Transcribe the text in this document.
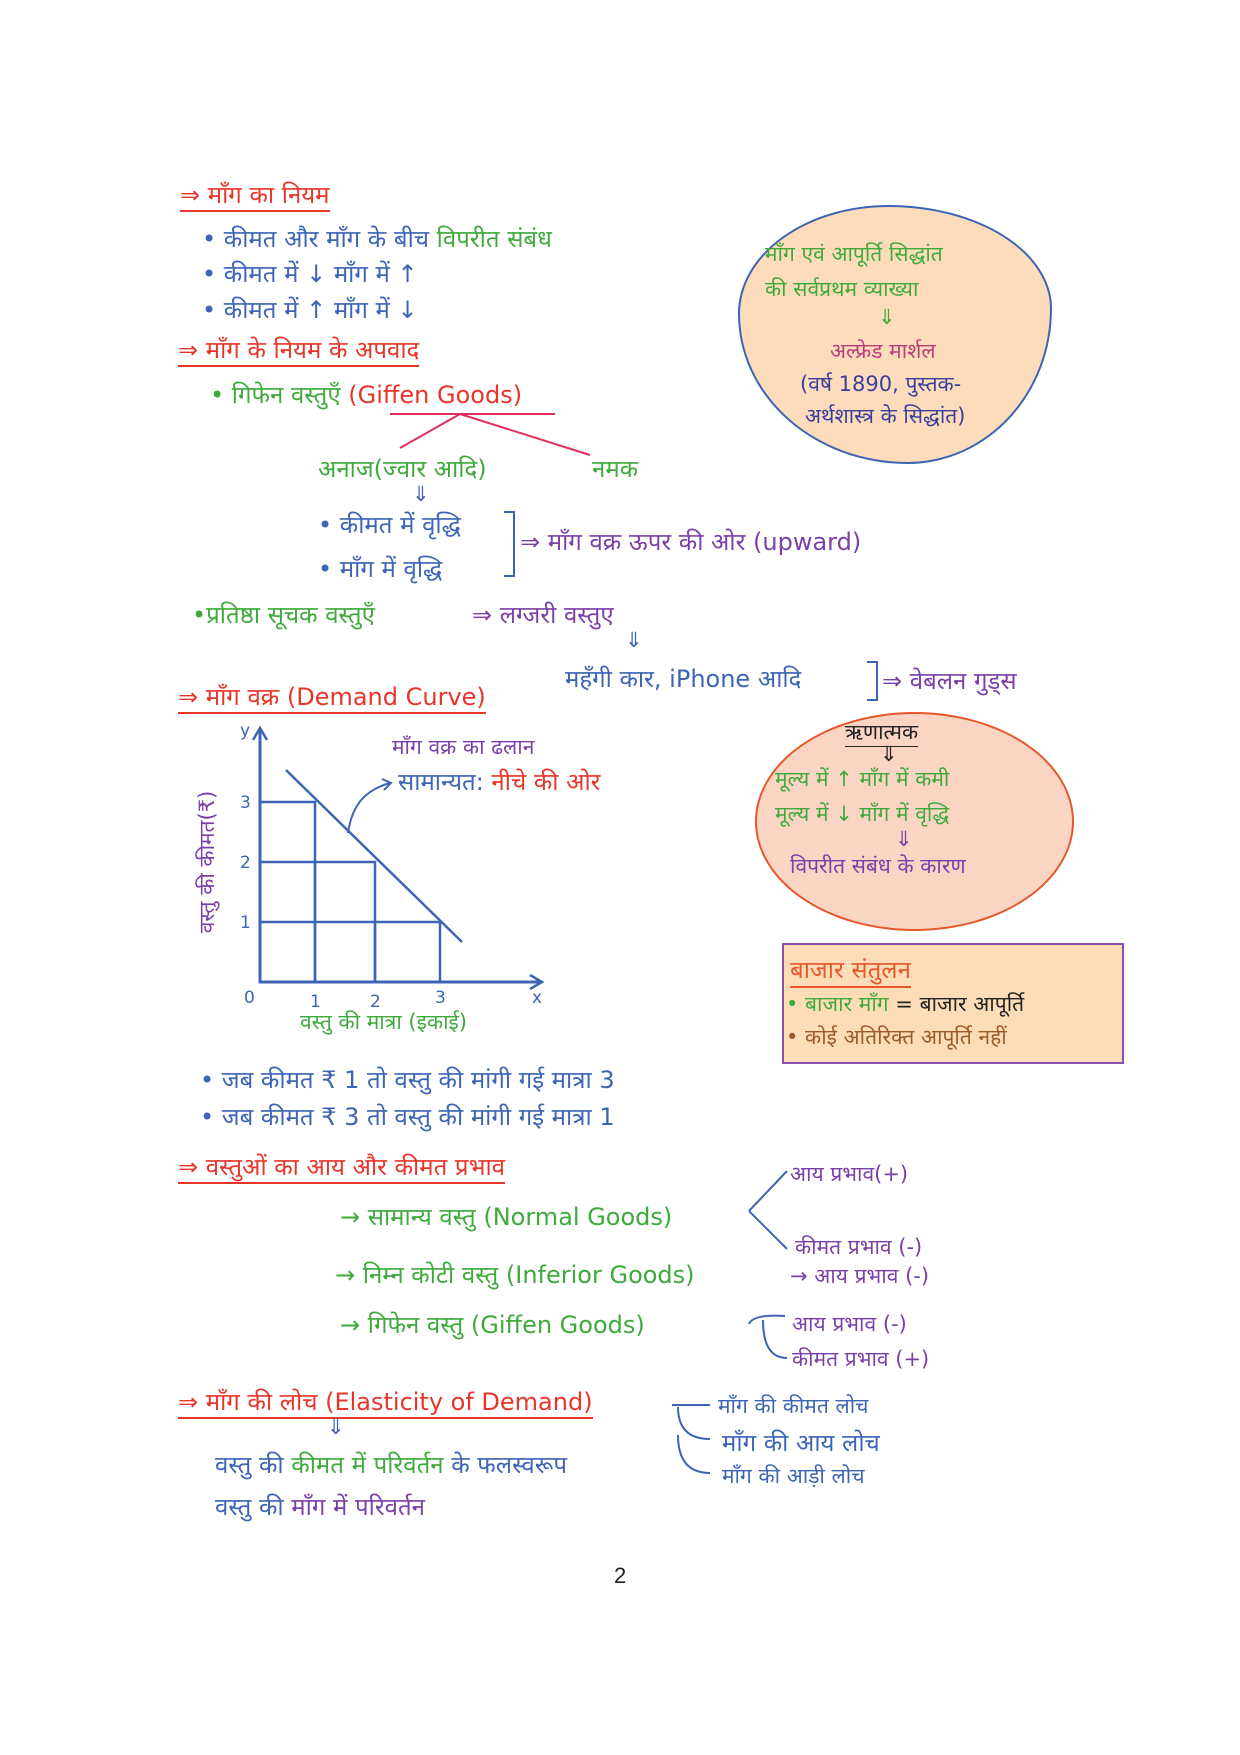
⇒ माँग का नियम
• कीमत और माँग के बीच विपरीत संबंध
• कीमत में ↓ माँग में ↑
• कीमत में ↑ माँग में ↓
⇒ माँग के नियम के अपवाद
• गिफेन वस्तुएँ (Giffen Goods)
अनाज(ज्वार आदि)	नमक
⇓
• कीमत में वृद्धि
• माँग में वृद्धि
⇒ माँग वक्र ऊपर की ओर (upward)
•प्रतिष्ठा सूचक वस्तुएँ	⇒ लग्जरी वस्तुए
⇓
महँगी कार, iPhone आदि	⇒ वेबलन गुड्स
⇒ माँग वक्र (Demand Curve)
माँग वक्र का ढलान
सामान्यत: नीचे की ओर
y
3
2
1
0	1	2	3	x
वस्तु की कीमत(₹)
वस्तु की मात्रा (इकाई)
• जब कीमत ₹ 1 तो वस्तु की मांगी गई मात्रा 3
• जब कीमत ₹ 3 तो वस्तु की मांगी गई मात्रा 1
माँग एवं आपूर्ति सिद्धांत
की सर्वप्रथम व्याख्या
⇓
अल्फ्रेड मार्शल
(वर्ष 1890, पुस्तक-
अर्थशास्त्र के सिद्धांत)
ऋणात्मक
⇓
मूल्य में ↑ माँग में कमी
मूल्य में ↓ माँग में वृद्धि
⇓
विपरीत संबंध के कारण
बाजार संतुलन
• बाजार माँग = बाजार आपूर्ति
• कोई अतिरिक्त आपूर्ति नहीं
⇒ वस्तुओं का आय और कीमत प्रभाव
→ सामान्य वस्तु (Normal Goods)
आय प्रभाव(+)
कीमत प्रभाव (-)
→ निम्न कोटी वस्तु (Inferior Goods)	→ आय प्रभाव (-)
→ गिफेन वस्तु (Giffen Goods)	आय प्रभाव (-)
कीमत प्रभाव (+)
⇒ माँग की लोच (Elasticity of Demand)
⇓
वस्तु की कीमत में परिवर्तन के फलस्वरूप
वस्तु की माँग में परिवर्तन
माँग की कीमत लोच
माँग की आय लोच
माँग की आड़ी लोच
2
